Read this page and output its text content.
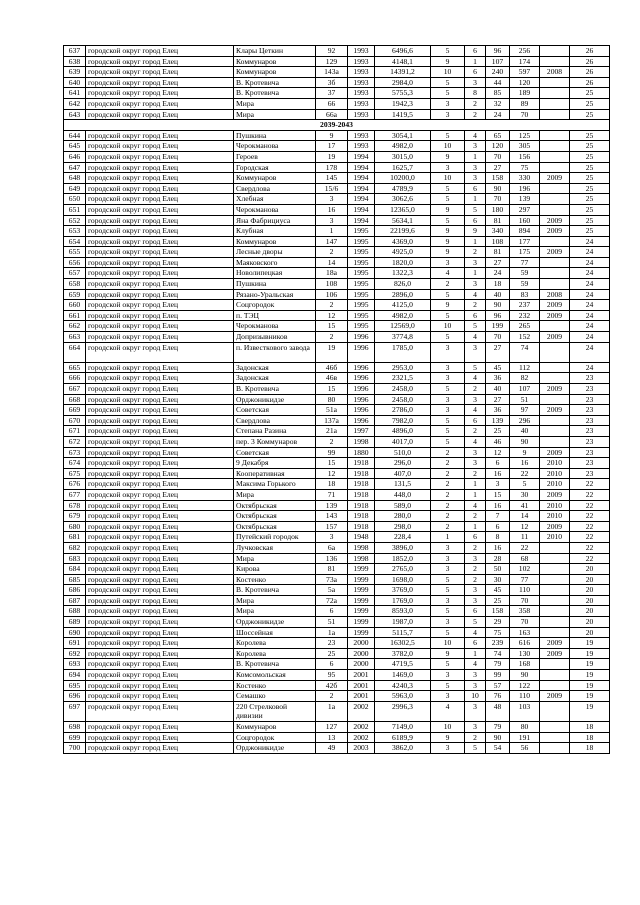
637	городской округ город Елец	Клары Цеткин	92	1993	6496,6	5	6	96	256		26
638	городской округ город Елец	Коммунаров	129	1993	4148,1	9	1	107	174		26
639	городской округ город Елец	Коммунаров	143а	1993	14391,2	10	6	240	597	2008	26
640	городской округ город Елец	В. Кротевича	3б	1993	2984,0	5	3	44	120		26
641	городской округ город Елец	В. Кротевича	37	1993	5755,3	5	8	85	189		25
642	городской округ город Елец	Мира	66	1993	1942,3	3	2	32	89		25
643	городской округ город Елец	Мира	66а	1993	1419,5	3	2	24	70		25
2039-2043											
644	городской округ город Елец	Пушкина	9	1993	3054,1	5	4	65	125		25
645	городской округ город Елец	Черокманова	17	1993	4982,0	10	3	120	305		25
646	городской округ город Елец	Героев	19	1994	3015,0	9	1	70	156		25
647	городской округ город Елец	Городская	178	1994	1625,7	3	3	27	75		25
648	городской округ город Елец	Коммунаров	145	1994	10200,0	10	3	158	330	2009	25
649	городской округ город Елец	Свердлова	15/6	1994	4789,9	5	6	90	196		25
650	городской округ город Елец	Хлебная	3	1994	3062,6	5	1	70	139		25
651	городской округ город Елец	Черокманова	16	1994	12365,0	9	5	180	297		25
652	городской округ город Елец	Яна Фабрициуса	3	1994	5634,1	5	6	81	160	2009	25
653	городской округ город Елец	Клубная	1	1995	22199,6	9	9	340	894	2009	25
654	городской округ город Елец	Коммунаров	147	1995	4369,0	9	1	108	177		24
655	городской округ город Елец	Лесные дворы	2	1995	4925,0	9	2	81	175	2009	24
656	городской округ город Елец	Маяковского	14	1995	1820,0	3	3	27	77		24
657	городской округ город Елец	Новолипецкая	18а	1995	1322,3	4	1	24	59		24
658	городской округ город Елец	Пушкина	108	1995	826,0	2	3	18	59		24
659	городской округ город Елец	Рязано-Уральская	106	1995	2896,0	5	4	40	83	2008	24
660	городской округ город Елец	Соцгородок	2	1995	4125,0	9	2	90	237	2009	24
661	городской округ город Елец	п. ТЭЦ	12	1995	4982,0	5	6	96	232	2009	24
662	городской округ город Елец	Черокманова	15	1995	12569,0	10	5	199	265		24
663	городской округ город Елец	Допризывников	2	1996	3774,8	5	4	70	152	2009	24
664	городской округ город Елец	п. Известкового завода	19	1996	1785,0	3	3	27	74		24
665	городской округ город Елец	Задонская	46б	1996	2953,0	3	5	45	112		24
666	городской округ город Елец	Задонская	46в	1996	2321,5	3	4	36	82		23
667	городской округ город Елец	В. Кротевича	15	1996	2458,0	5	2	40	107	2009	23
668	городской округ город Елец	Орджоникидзе	80	1996	2458,0	3	3	27	51		23
669	городской округ город Елец	Советская	51а	1996	2786,0	3	4	36	97	2009	23
670	городской округ город Елец	Свердлова	137а	1996	7982,0	5	6	139	296		23
671	городской округ город Елец	Степана Разина	21а	1997	4896,0	5	2	25	40		23
672	городской округ город Елец	пер. 3 Коммунаров	2	1998	4017,0	5	4	46	90		23
673	городской округ город Елец	Советская	99	1880	510,0	2	3	12	9	2009	23
674	городской округ город Елец	9 Декабря	15	1918	296,0	2	3	6	16	2010	23
675	городской округ город Елец	Кооперативная	12	1918	407,0	2	2	16	22	2010	23
676	городской округ город Елец	Максима Горького	18	1918	131,5	2	1	3	5	2010	22
677	городской округ город Елец	Мира	71	1918	448,0	2	1	15	30	2009	22
678	городской округ город Елец	Октябрьская	139	1918	589,0	2	4	16	41	2010	22
679	городской округ город Елец	Октябрьская	143	1918	280,0	2	2	7	14	2010	22
680	городской округ город Елец	Октябрьская	157	1918	298,0	2	1	6	12	2009	22
681	городской округ город Елец	Путейский городок	3	1948	228,4	1	6	8	11	2010	22
682	городской округ город Елец	Лучковская	6а	1998	3896,0	3	2	16	22		22
683	городской округ город Елец	Мира	136	1998	1852,0	3	3	28	68		22
684	городской округ город Елец	Кирова	81	1999	2765,0	3	2	50	102		20
685	городской округ город Елец	Костенко	73а	1999	1698,0	5	2	30	77		20
686	городской округ город Елец	В. Кротевича	5а	1999	3769,0	5	3	45	110		20
687	городской округ город Елец	Мира	72а	1999	1769,0	3	3	25	70		20
688	городской округ город Елец	Мира	6	1999	8593,0	5	6	158	358		20
689	городской округ город Елец	Орджоникидзе	51	1999	1987,0	3	5	29	70		20
690	городской округ город Елец	Шоссейная	1а	1999	5115,7	5	4	75	163		20
691	городской округ город Елец	Королева	23	2000	16302,5	10	6	239	616	2009	19
692	городской округ город Елец	Королева	25	2000	3782,0	9	1	74	130	2009	19
693	городской округ город Елец	В. Кротевича	6	2000	4719,5	5	4	79	168		19
694	городской округ город Елец	Комсомольская	95	2001	1469,0	3	3	99	90		19
695	городской округ город Елец	Костенко	42б	2001	4240,3	5	3	57	122		19
696	городской округ город Елец	Семашко	2	2001	5963,0	3	10	76	110	2009	19
697	городской округ город Елец	220 Стрелковой дивизии	1а	2002	2996,3	4	3	48	103		19
698	городской округ город Елец	Коммунаров	127	2002	7149,0	10	3	79	80		18
699	городской округ город Елец	Соцгородок	13	2002	6189,9	9	2	90	191		18
700	городской округ город Елец	Орджоникидзе	49	2003	3862,0	3	5	54	56		18
